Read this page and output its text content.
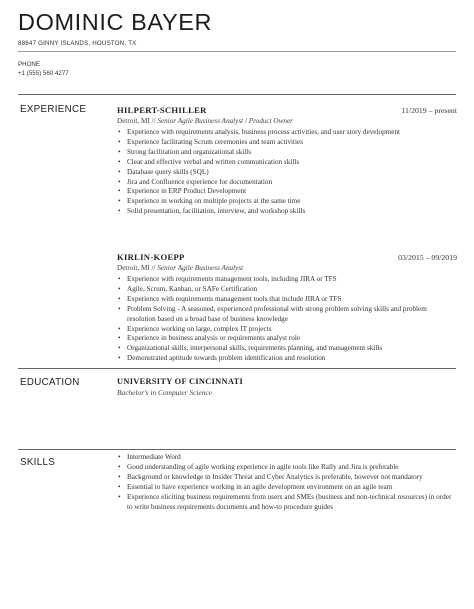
DOMINIC BAYER
88647 GINNY ISLANDS, HOUSTON, TX
PHONE
+1 (555) 560 4277
EXPERIENCE	HILPERT-SCHILLER	11/2019 – present
Detroit, MI // Senior Agile Business Analyst / Product Owner
• Experience with requirements analysis, business process activities, and user story development
• Experience facilitating Scrum ceremonies and team activities
• Strong facilitation and organizational skills
• Clear and effective verbal and written communication skills
• Database query skills (SQL)
• Jira and Confluence experience for documentation
• Experience in ERP Product Development
• Experience in working on multiple projects at the same time
• Solid presentation, facilitation, interview, and workshop skills
KIRLIN-KOEPP	03/2015 – 09/2019
Detroit, MI // Senior Agile Business Analyst
• Experience with requirements management tools, including JIRA or TFS
• Agile, Scrum, Kanban, or SAFe Certification
• Experience with requirements management tools that include JIRA or TFS
• Problem Solving - A seasoned, experienced professional with strong problem solving skills and problem resolution based on a broad base of business knowledge
• Experience working on large, complex IT projects
• Experience in business analysis or requirements analyst role
• Organizational skills, interpersonal skills, requirements planning, and management skills
• Demonstrated aptitude towards problem identification and resolution
EDUCATION	UNIVERSITY OF CINCINNATI
Bachelor's in Computer Science
SKILLS
•	Intermediate Word
• Good understanding of agile working experience in agile tools like Rally and Jira is preferable
• Background or knowledge in Insider Threat and Cyber Analytics is preferable, however not mandatory
• Essential to have experience working in an agile development environment on an agile team
• Experience eliciting business requirements from users and SMEs (business and non-technical resources) in order to write business requirements documents and how-to procedure guides
